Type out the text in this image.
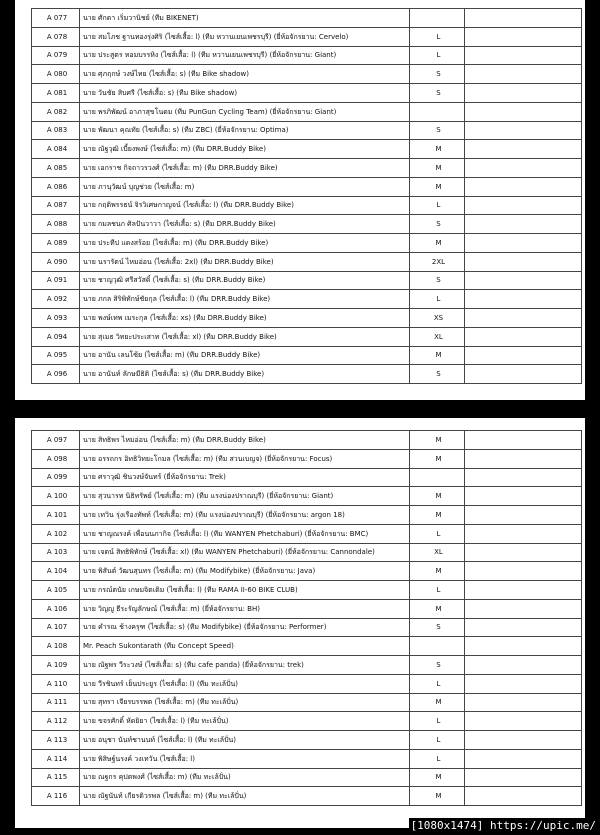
A 077	นาย ศักดา เริ่มวานิชย์ (ทีม BIKENET)		
A 078	นาย สมโภช ฐานทองรุ่งศิริ (ไซส์เสื้อ: l) (ทีม หวานเยนเพชรบุรี) (ยี่ห้อจักรยาน: Cervelo)	L	
A 079	นาย ประสูตร หอมบรรหิง (ไซส์เสื้อ: l) (ทีม หวานเยนเพชรบุรี) (ยี่ห้อจักรยาน: Giant)	L	
A 080	นาย ศุภฤกษ์ วงษ์ไทย (ไซส์เสื้อ: s) (ทีม Bike shadow)	S	
A 081	นาย วันชัย สิบศรี (ไซส์เสื้อ: s) (ทีม Bike shadow)	S	
A 082	นาย พรภิพัฒน์ อาภาสุขโนดม (ทีม PunGun Cycling Team) (ยี่ห้อจักรยาน: Giant)		
A 083	นาย พัฒนา คุณทัย (ไซส์เสื้อ: s) (ทีม ZBC) (ยี่ห้อจักรยาน: Optima)	S	
A 084	นาย ณัฐวุฒิ เบี้ยงพงษ์ (ไซส์เสื้อ: m) (ทีม DRR.Buddy Bike)	M	
A 085	นาย เอกราช กิจถาวรวงศ์ (ไซส์เสื้อ: m) (ทีม DRR.Buddy Bike)	M	
A 086	นาย ภานุวัฒน์ บุญช่วย (ไซส์เสื้อ: m)	M	
A 087	นาย กฤติพรรธน์ จิรวิเศษกาญจน์ (ไซส์เสื้อ: l) (ทีม DRR.Buddy Bike)	L	
A 088	นาย กมลชนก ศิลปันวาวา (ไซส์เสื้อ: s) (ทีม DRR.Buddy Bike)	S	
A 089	นาย ประทีป แดงสร้อย (ไซส์เสื้อ: m) (ทีม DRR.Buddy Bike)	M	
A 090	นาย นรารัตน์ ไหมอ่อน (ไซส์เสื้อ: 2xl) (ทีม DRR.Buddy Bike)	2XL	
A 091	นาย ชาญวุฒิ ศรีสวัสดิ์ (ไซส์เสื้อ: s) (ทีม DRR.Buddy Bike)	S	
A 092	นาย ภกล สิริพิทักษ์ชัยกุล (ไซส์เสื้อ: l) (ทีม DRR.Buddy Bike)	L	
A 093	นาย พงษ์เทพ เมระกุล (ไซส์เสื้อ: xs) (ทีม DRR.Buddy Bike)	XS	
A 094	นาย สุเมธ วิทยะประเสาท (ไซส์เสื้อ: xl) (ทีม DRR.Buddy Bike)	XL	
A 095	นาย อานัน เลนโซ้ย (ไซส์เสื้อ: m) (ทีม DRR.Buddy Bike)	M	
A 096	นาย อานันท์ ลักษมีธิติ (ไซส์เสื้อ: s) (ทีม DRR.Buddy Bike)	S	
A 097	นาย สิทธิพร ไหมอ่อน (ไซส์เสื้อ: m) (ทีม DRR.Buddy Bike)	M	
A 098	นาย อรรถกร อิทธิวิทยะโกมล (ไซส์เสื้อ: m) (ทีม สวนเบญจ) (ยี่ห้อจักรยาน: Focus)	M	
A 099	นาย ศราวุฒิ ชินวงษ์จันทร์ (ยี่ห้อจักรยาน: Trek)		
A 100	นาย สุวนารท นิธิทรัพย์ (ไซส์เสื้อ: m) (ทีม แรงน่องปราณบุรี) (ยี่ห้อจักรยาน: Giant)	M	
A 101	นาย เทวิน รุ่งเรืองทัพท์ (ไซส์เสื้อ: m) (ทีม แรงน่องปราณบุรี) (ยี่ห้อจักรยาน: argon 18)	M	
A 102	นาย ชาญณรงค์ เพื่อนนภากิจ (ไซส์เสื้อ: l) (ทีม WANYEN Phetchaburi) (ยี่ห้อจักรยาน: BMC)	L	
A 103	นาย เจตน์ สิทธิพิทักษ์ (ไซส์เสื้อ: xl) (ทีม WANYEN Phetchaburi) (ยี่ห้อจักรยาน: Cannondale)	XL	
A 104	นาย พิสันต์ วัฒนสุนทร (ไซส์เสื้อ: m) (ทีม Modifybike) (ยี่ห้อจักรยาน: Java)	M	
A 105	นาย กรณ์ตนัย เกษมจิตเติม (ไซส์เสื้อ: l) (ทีม RAMA II-60 BIKE CLUB)	L	
A 106	นาย วิญญู ธีระรัญลักษณ์ (ไซส์เสื้อ: m) (ยี่ห้อจักรยาน: BH)	M	
A 107	นาย คำรณ ช้างครุฑ (ไซส์เสื้อ: s) (ทีม Modifybike) (ยี่ห้อจักรยาน: Performer)	S	
A 108	Mr. Peach Sukontarath (ทีม Concept Speed)		
A 109	นาย ณัฐพร วีระวงษ์ (ไซส์เสื้อ: s) (ทีม cafe panda) (ยี่ห้อจักรยาน: trek)	S	
A 110	นาย วีรชินทร์ เย็นประยูร (ไซส์เสื้อ: l) (ทีม ทะเล้ปั่น)	L	
A 111	นาย สุทรา เจียรบรรพต (ไซส์เสื้อ: m) (ทีม ทะเล้ปั่น)	M	
A 112	นาย ขจรศักดิ์ หัดยิยา (ไซส์เสื้อ: l) (ทีม ทะเล้ปั่น)	L	
A 113	นาย อนุชา นันท์ชานนท์ (ไซส์เสื้อ: l) (ทีม ทะเล้ปั่น)	L	
A 114	นาย พิสิษฐ์นรงค์ วงเทวัน (ไซส์เสื้อ: l)	L	
A 115	นาย ณฐกร คุปตพงศ์ (ไซส์เสื้อ: m) (ทีม ทะเล้ปั่น)	M	
A 116	นาย ณัฐนันท์ เกียรติวรพล (ไซส์เสื้อ: m) (ทีม ทะเล้ปั่น)	M	
[1080x1474] https://upic.me/
